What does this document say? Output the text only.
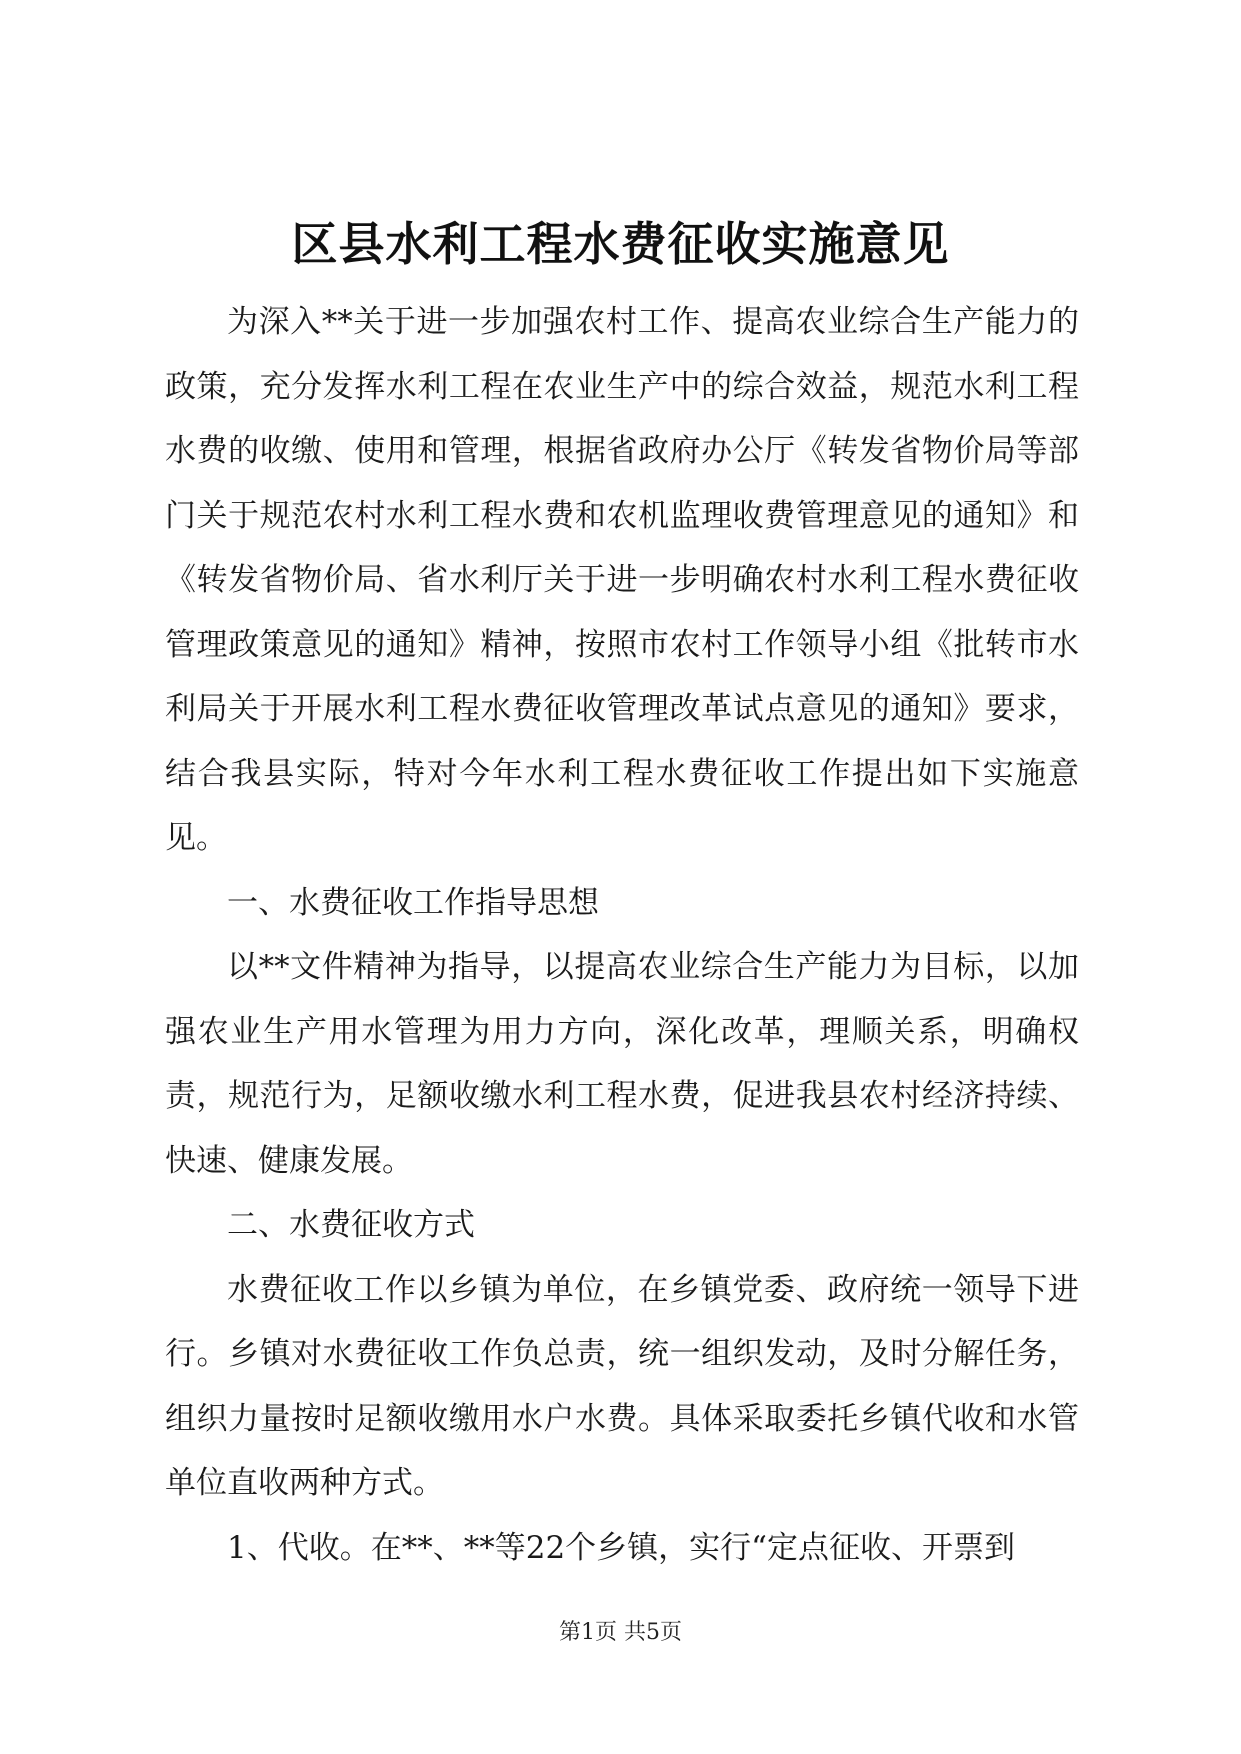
区县水利工程水费征收实施意见

为深入**关于进一步加强农村工作、提高农业综合生产能力的政策，充分发挥水利工程在农业生产中的综合效益，规范水利工程水费的收缴、使用和管理，根据省政府办公厅《转发省物价局等部门关于规范农村水利工程水费和农机监理收费管理意见的通知》和《转发省物价局、省水利厅关于进一步明确农村水利工程水费征收管理政策意见的通知》精神，按照市农村工作领导小组《批转市水利局关于开展水利工程水费征收管理改革试点意见的通知》要求，结合我县实际，特对今年水利工程水费征收工作提出如下实施意见。

一、水费征收工作指导思想

以**文件精神为指导，以提高农业综合生产能力为目标，以加强农业生产用水管理为用力方向，深化改革，理顺关系，明确权责，规范行为，足额收缴水利工程水费，促进我县农村经济持续、快速、健康发展。

二、水费征收方式

水费征收工作以乡镇为单位，在乡镇党委、政府统一领导下进行。乡镇对水费征收工作负总责，统一组织发动，及时分解任务，组织力量按时足额收缴用水户水费。具体采取委托乡镇代收和水管单位直收两种方式。

1、代收。在**、**等22个乡镇，实行“定点征收、开票到

第1页 共5页
